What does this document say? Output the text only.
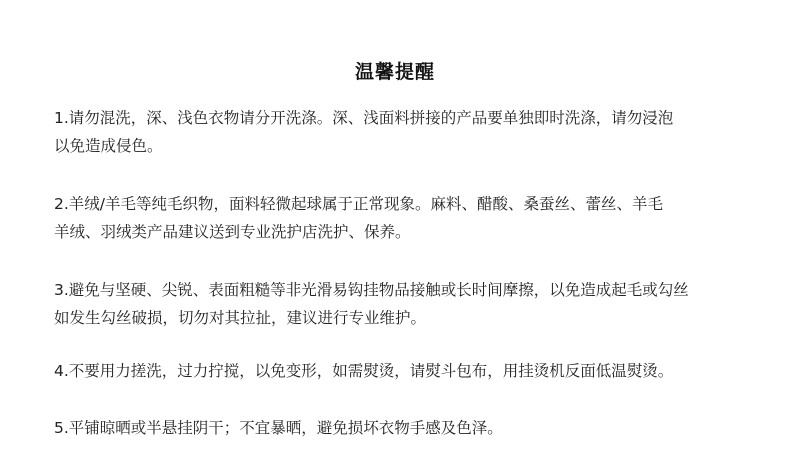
温馨提醒
1.请勿混洗，深、浅色衣物请分开洗涤。深、浅面料拼接的产品要单独即时洗涤，请勿浸泡
以免造成侵色。
2.羊绒/羊毛等纯毛织物，面料轻微起球属于正常现象。麻料、醋酸、桑蚕丝、蕾丝、羊毛
羊绒、羽绒类产品建议送到专业洗护店洗护、保养。
3.避免与坚硬、尖锐、表面粗糙等非光滑易钩挂物品接触或长时间摩擦，以免造成起毛或勾丝
如发生勾丝破损，切勿对其拉扯，建议进行专业维护。
4.不要用力搓洗，过力拧搅，以免变形，如需熨烫，请熨斗包布，用挂烫机反面低温熨烫。
5.平铺晾晒或半悬挂阴干；不宜暴晒，避免损坏衣物手感及色泽。
